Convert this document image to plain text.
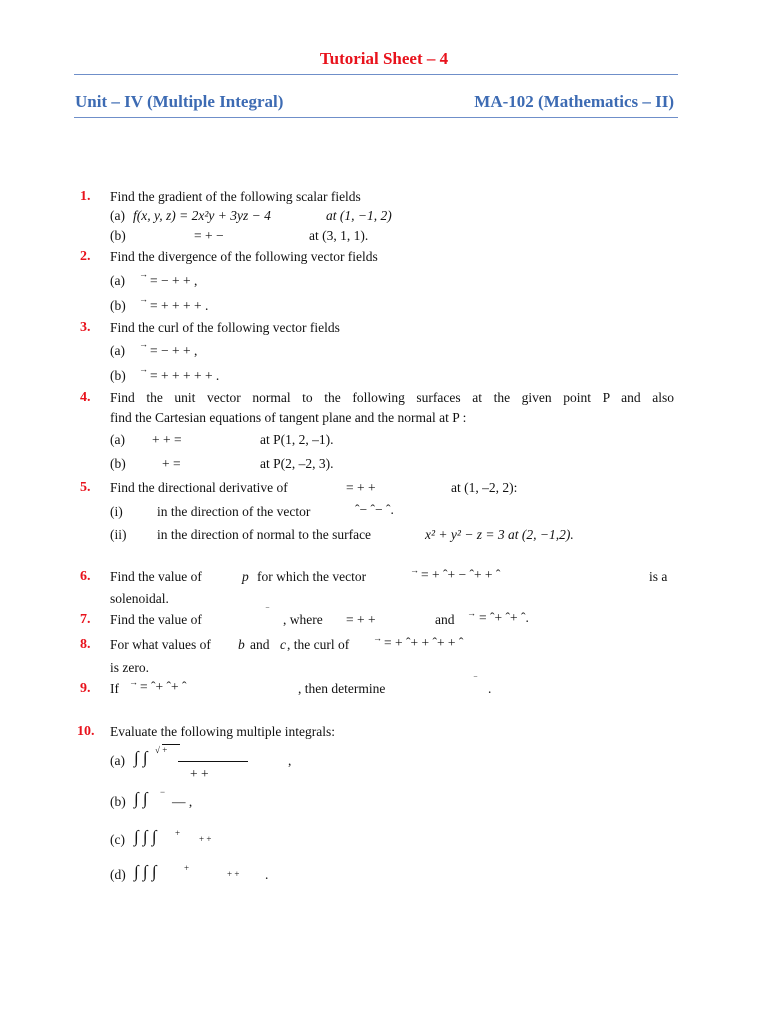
Tutorial Sheet – 4
Unit – IV (Multiple Integral)	MA-102 (Mathematics – II)
1. Find the gradient of the following scalar fields
(a) f(x, y, z) = 2x²y + 3yz − 4	at (1, −1, 2)
(b)	= + −	at (3, 1, 1).
2. Find the divergence of the following vector fields
(a) → = − + + ,
(b) → = + + + + .
3. Find the curl of the following vector fields
(a) → = − + + ,
(b) → = + + + + + .
4. Find the unit vector normal to the following surfaces at the given point P and also
find the Cartesian equations of tangent plane and the normal at P :
(a) + + =	at P(1, 2, –1).
(b)	+ =	at P(2, –2, 3).
5. Find the directional derivative of	= + +	at (1, –2, 2):
(i)	in the direction of the vector	ˆ− ˆ− ˆ.
(ii) in the direction of normal to the surface	x² + y² − z = 3 at (2, −1,2).
6. Find the value of	p for which the vector	→ = + ˆ+ − ˆ+ + ˆ	is a
solenoidal.
7. Find the value of	‾ , where = + +	and → = ˆ+ ˆ+ ˆ.
8. For what values of b and c , the curl of	→ = + ˆ+ + ˆ+ + ˆ
is zero.
9. If → = ˆ+ ˆ+ ˆ	, then determine	‾ .
10. Evaluate the following multiple integrals:
(a) ∫ ∫ √ +
+ +
,
(b) ∫ ∫ −
— ,
(c) ∫ ∫ ∫ +
+ +
(d) ∫ ∫ ∫	+
+ + .
